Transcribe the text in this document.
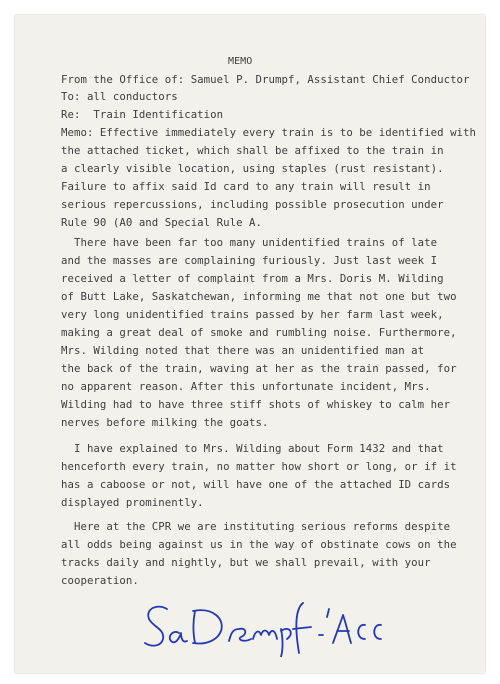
MEMO

From the Office of: Samuel P. Drumpf, Assistant Chief Conductor

To: all conductors

Re:  Train Identification

Memo: Effective immediately every train is to be identified with

the attached ticket, which shall be affixed to the train in

a clearly visible location, using staples (rust resistant).

Failure to affix said Id card to any train will result in

serious repercussions, including possible prosecution under

Rule 90 (A0 and Special Rule A.

There have been far too many unidentified trains of late

and the masses are complaining furiously. Just last week I

received a letter of complaint from a Mrs. Doris M. Wilding

of Butt Lake, Saskatchewan, informing me that not one but two

very long unidentified trains passed by her farm last week,

making a great deal of smoke and rumbling noise. Furthermore,

Mrs. Wilding noted that there was an unidentified man at

the back of the train, waving at her as the train passed, for

no apparent reason. After this unfortunate incident, Mrs.

Wilding had to have three stiff shots of whiskey to calm her

nerves before milking the goats.

I have explained to Mrs. Wilding about Form 1432 and that

henceforth every train, no matter how short or long, or if it

has a caboose or not, will have one of the attached ID cards

displayed prominently.

Here at the CPR we are instituting serious reforms despite

all odds being against us in the way of obstinate cows on the

tracks daily and nightly, but we shall prevail, with your

cooperation.
